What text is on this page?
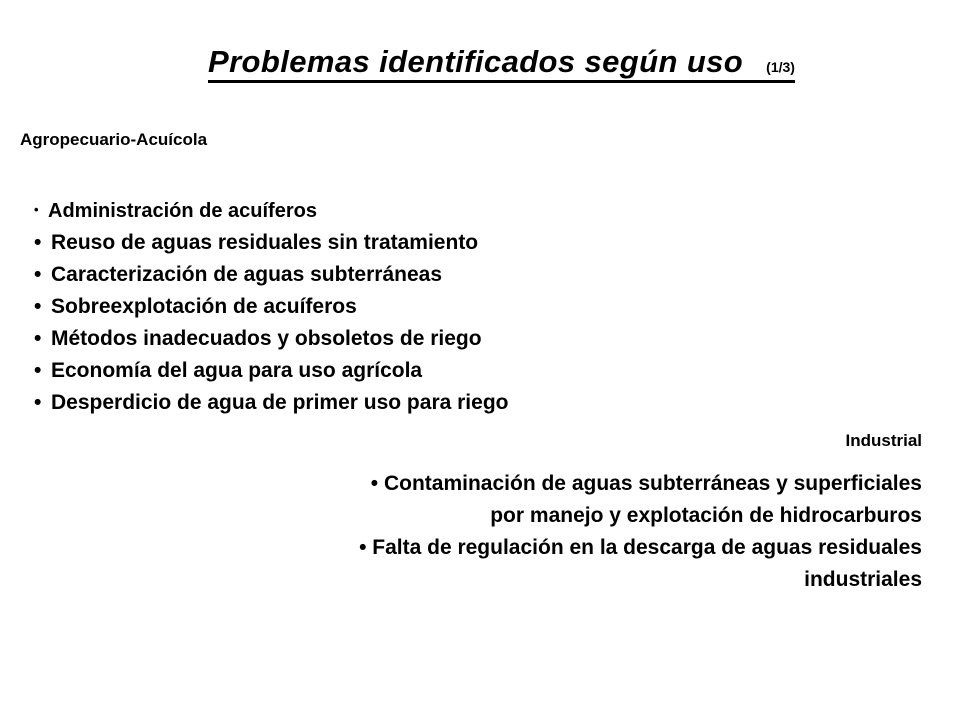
Problemas identificados según uso (1/3)
Agropecuario-Acuícola
• Administración de acuíferos
• Reuso de aguas residuales sin tratamiento
• Caracterización de aguas subterráneas
• Sobreexplotación de acuíferos
• Métodos inadecuados y obsoletos de riego
• Economía del agua para uso agrícola
• Desperdicio de agua de primer uso para riego
Industrial
• Contaminación de aguas subterráneas y superficiales
por manejo y explotación de hidrocarburos
• Falta de regulación en la descarga de aguas residuales
industriales
